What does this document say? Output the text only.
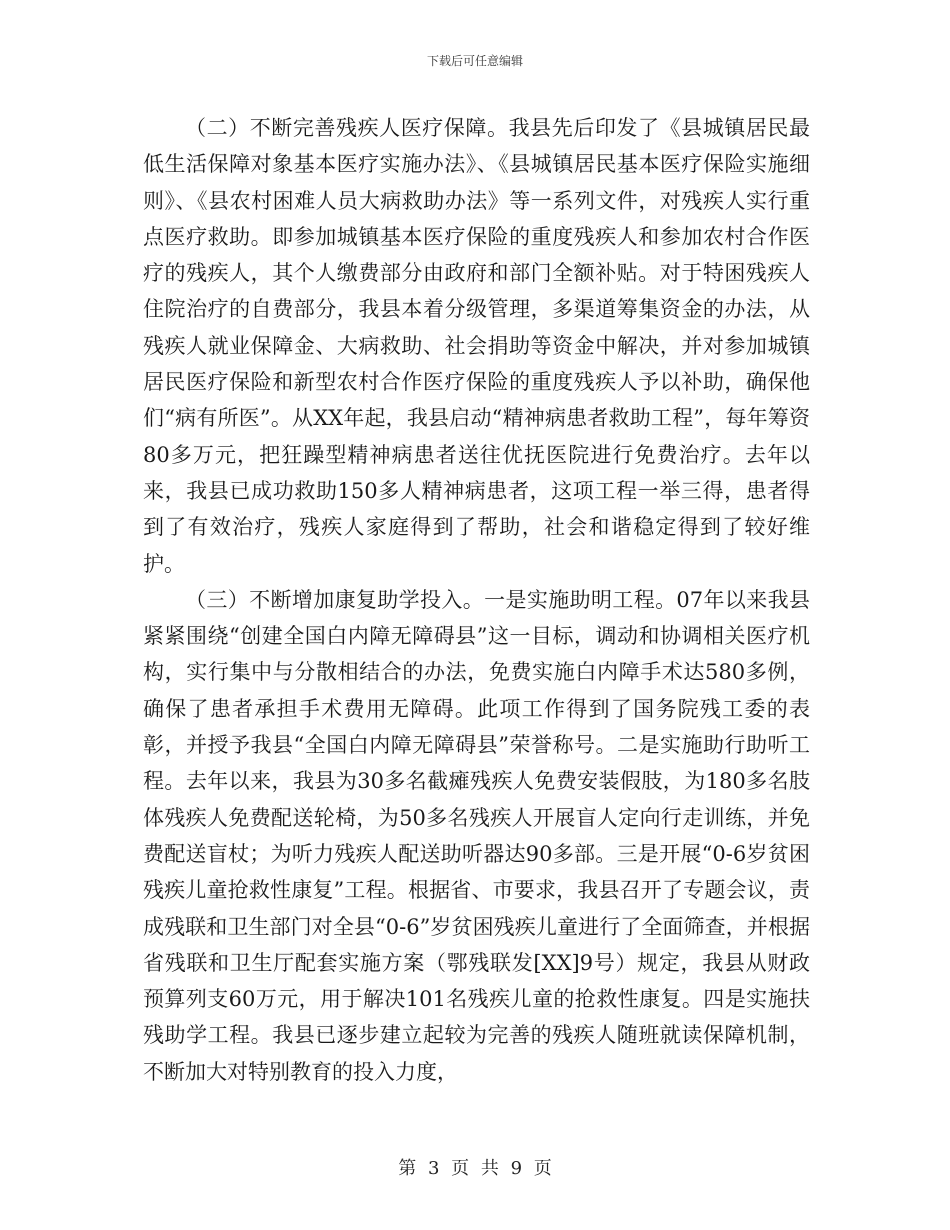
下载后可任意编辑

（二）不断完善残疾人医疗保障。我县先后印发了《县城镇居民最低生活保障对象基本医疗实施办法》、《县城镇居民基本医疗保险实施细则》、《县农村困难人员大病救助办法》等一系列文件，对残疾人实行重点医疗救助。即参加城镇基本医疗保险的重度残疾人和参加农村合作医疗的残疾人，其个人缴费部分由政府和部门全额补贴。对于特困残疾人住院治疗的自费部分，我县本着分级管理，多渠道筹集资金的办法，从残疾人就业保障金、大病救助、社会捐助等资金中解决，并对参加城镇居民医疗保险和新型农村合作医疗保险的重度残疾人予以补助，确保他们“病有所医”。从XX年起，我县启动“精神病患者救助工程”，每年筹资80多万元，把狂躁型精神病患者送往优抚医院进行免费治疗。去年以来，我县已成功救助150多人精神病患者，这项工程一举三得，患者得到了有效治疗，残疾人家庭得到了帮助，社会和谐稳定得到了较好维护。

（三）不断增加康复助学投入。一是实施助明工程。07年以来我县紧紧围绕“创建全国白内障无障碍县”这一目标，调动和协调相关医疗机构，实行集中与分散相结合的办法，免费实施白内障手术达580多例，确保了患者承担手术费用无障碍。此项工作得到了国务院残工委的表彰，并授予我县“全国白内障无障碍县”荣誉称号。二是实施助行助听工程。去年以来，我县为30多名截瘫残疾人免费安装假肢，为180多名肢体残疾人免费配送轮椅，为50多名残疾人开展盲人定向行走训练，并免费配送盲杖；为听力残疾人配送助听器达90多部。三是开展“0-6岁贫困残疾儿童抢救性康复”工程。根据省、市要求，我县召开了专题会议，责成残联和卫生部门对全县“0-6”岁贫困残疾儿童进行了全面筛查，并根据省残联和卫生厅配套实施方案（鄂残联发[XX]9号）规定，我县从财政预算列支60万元，用于解决101名残疾儿童的抢救性康复。四是实施扶残助学工程。我县已逐步建立起较为完善的残疾人随班就读保障机制，不断加大对特别教育的投入力度，

第 3 页 共 9 页
